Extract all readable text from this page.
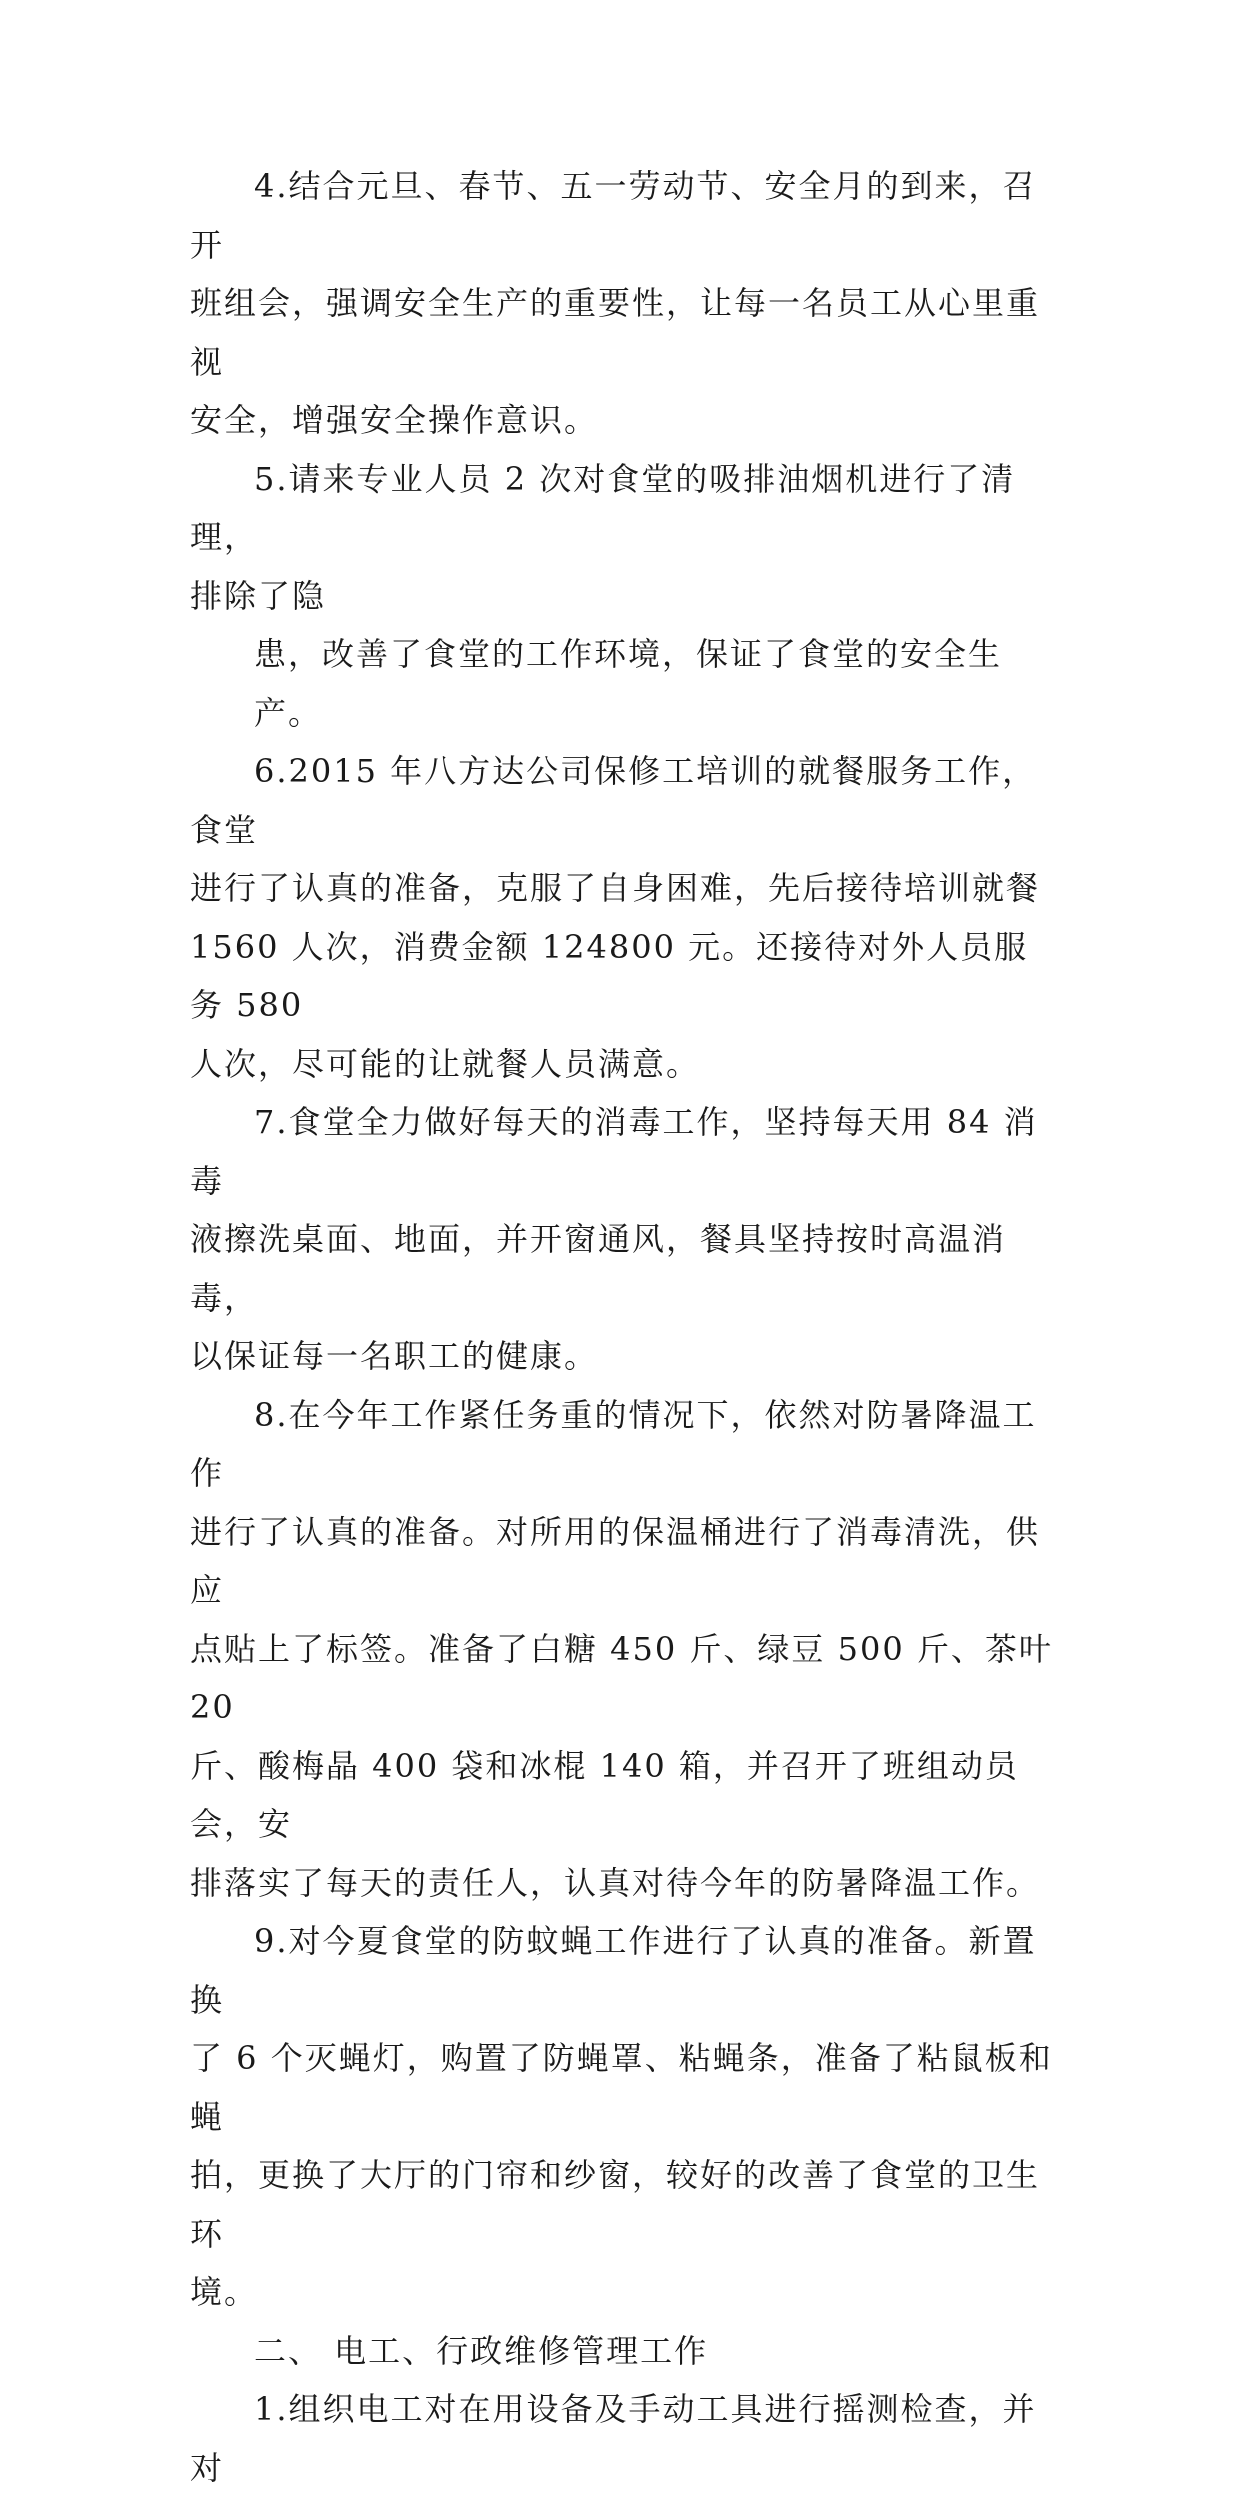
4.结合元旦、春节、五一劳动节、安全月的到来，召开
班组会，强调安全生产的重要性，让每一名员工从心里重视
安全，增强安全操作意识。

5.请来专业人员 2 次对食堂的吸排油烟机进行了清理，
排除了隐

患，改善了食堂的工作环境，保证了食堂的安全生产。

6.2015 年八方达公司保修工培训的就餐服务工作，食堂
进行了认真的准备，克服了自身困难，先后接待培训就餐
1560 人次，消费金额 124800 元。还接待对外人员服务 580
人次，尽可能的让就餐人员满意。

7.食堂全力做好每天的消毒工作，坚持每天用 84 消毒
液擦洗桌面、地面，并开窗通风，餐具坚持按时高温消毒，
以保证每一名职工的健康。

8.在今年工作紧任务重的情况下，依然对防暑降温工作
进行了认真的准备。对所用的保温桶进行了消毒清洗，供应
点贴上了标签。准备了白糖 450 斤、绿豆 500 斤、茶叶 20
斤、酸梅晶 400 袋和冰棍 140 箱，并召开了班组动员会，安
排落实了每天的责任人，认真对待今年的防暑降温工作。

9.对今夏食堂的防蚊蝇工作进行了认真的准备。新置换
了 6 个灭蝇灯，购置了防蝇罩、粘蝇条，准备了粘鼠板和蝇
拍，更换了大厅的门帘和纱窗，较好的改善了食堂的卫生环
境。

二、 电工、行政维修管理工作

1.组织电工对在用设备及手动工具进行摇测检查，并对
